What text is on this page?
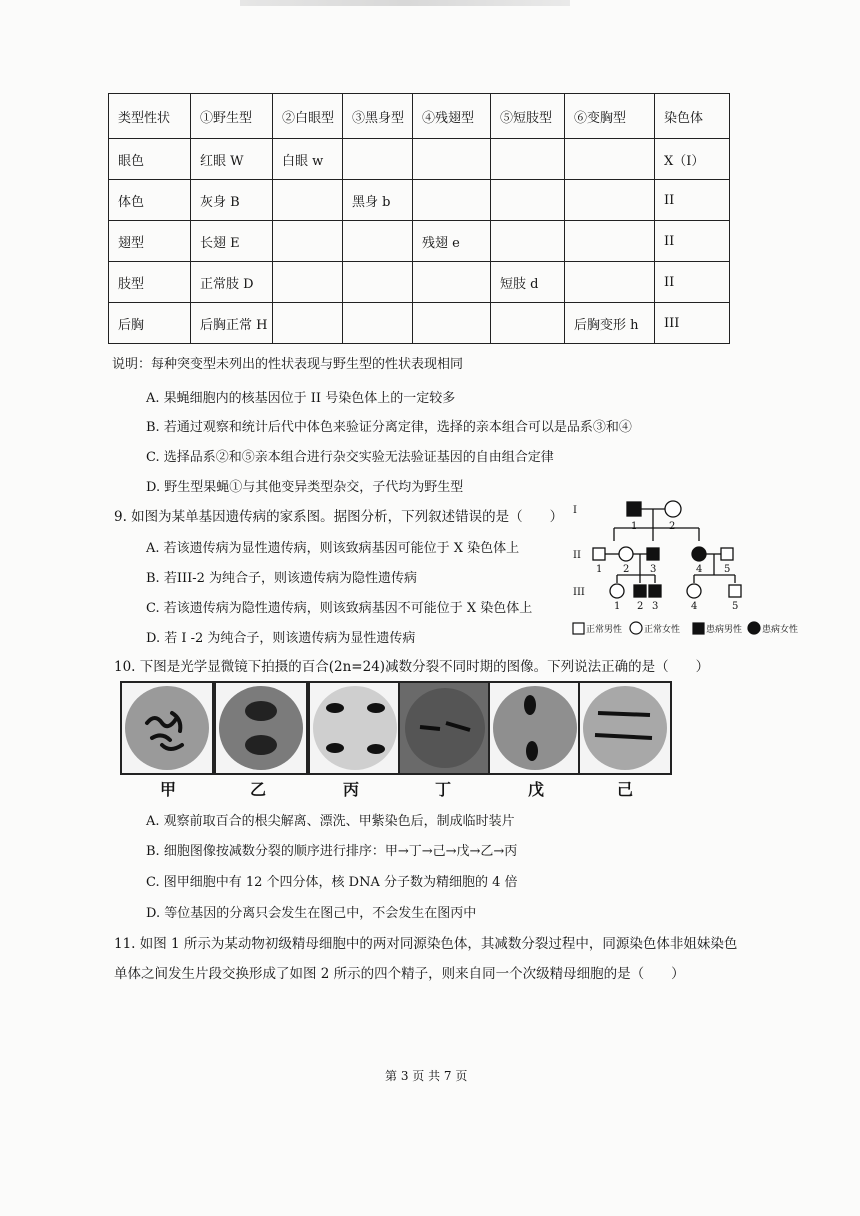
类型性状	①野生型	②白眼型	③黑身型	④残翅型	⑤短肢型	⑥变胸型	染色体
眼色	红眼 W	白眼 w					X（I）
体色	灰身 B		黑身 b				II
翅型	长翅 E			残翅 e			II
肢型	正常肢 D				短肢 d		II
后胸	后胸正常 H					后胸变形 h	III
说明：每种突变型未列出的性状表现与野生型的性状表现相同
A. 果蝇细胞内的核基因位于 II 号染色体上的一定较多
B. 若通过观察和统计后代中体色来验证分离定律，选择的亲本组合可以是品系③和④
C. 选择品系②和⑤亲本组合进行杂交实验无法验证基因的自由组合定律
D. 野生型果蝇①与其他变异类型杂交，子代均为野生型
9. 如图为某单基因遗传病的家系图。据图分析，下列叙述错误的是（　　）
A. 若该遗传病为显性遗传病，则该致病基因可能位于 X 染色体上
B. 若III-2 为纯合子，则该遗传病为隐性遗传病
C. 若该遗传病为隐性遗传病，则该致病基因不可能位于 X 染色体上
D. 若 I -2 为纯合子，则该遗传病为显性遗传病
I
II
III
1	2
1 2 3	4 5
1 2 3	4	5
正常男性 正常女性	患病男性 患病女性
10. 下图是光学显微镜下拍摄的百合(2n=24)减数分裂不同时期的图像。下列说法正确的是（　　）
甲	乙	丙	丁	戊	己
A. 观察前取百合的根尖解离、漂洗、甲紫染色后，制成临时装片
B. 细胞图像按减数分裂的顺序进行排序：甲→丁→己→戊→乙→丙
C. 图甲细胞中有 12 个四分体，核 DNA 分子数为精细胞的 4 倍
D. 等位基因的分离只会发生在图己中，不会发生在图丙中
11. 如图 1 所示为某动物初级精母细胞中的两对同源染色体，其减数分裂过程中，同源染色体非姐妹染色
单体之间发生片段交换形成了如图 2 所示的四个精子，则来自同一个次级精母细胞的是（　　）
第 3 页 共 7 页
